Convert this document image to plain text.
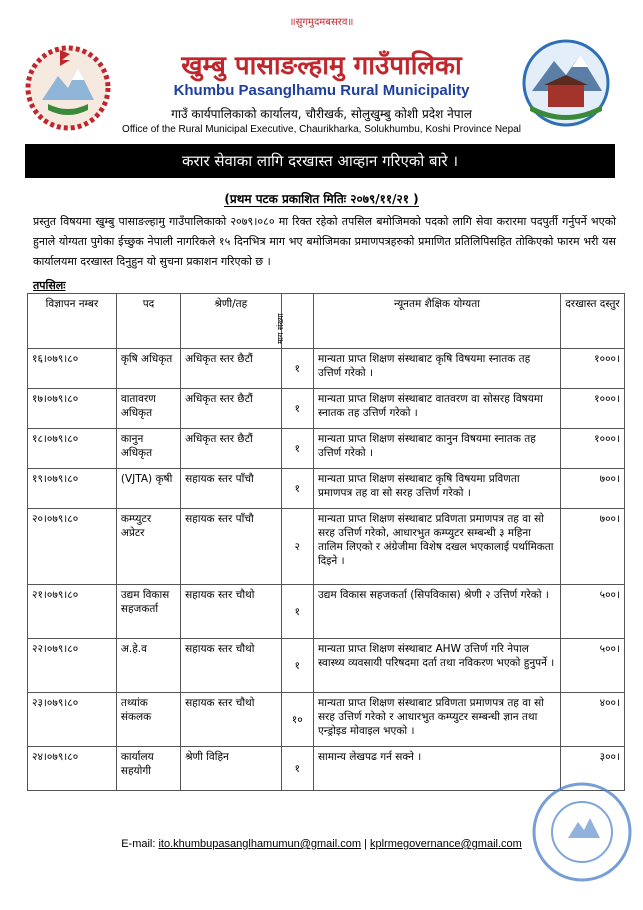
॥सुगमुदमबसरव॥
खुम्बु पासाङल्हामु गाउँपालिका
Khumbu Pasanglhamu Rural Municipality
गाउँ कार्यपालिकाको कार्यालय, चौरीखर्क, सोलुखुम्बु कोशी प्रदेश नेपाल
Office of the Rural Municipal Executive, Chaurikharka, Solukhumbu, Koshi Province Nepal
करार सेवाका लागि दरखास्त आव्हान गरिएको बारे ।
(प्रथम पटक प्रकाशित मितिः २०७९/११/२१ )
प्रस्तुत विषयमा खुम्बु पासाङल्हामु गाउँपालिकाको २०७९।०८० मा रिक्त रहेको तपसिल बमोजिमको पदको लागि सेवा करारमा पदपुर्ती गर्नुपर्ने भएको हुनाले योग्यता पुगेका ईच्छुक नेपाली नागरिकले १५ दिनभित्र माग भए बमोजिमका प्रमाणपत्रहरुको प्रमाणित प्रतिलिपिसहित तोकिएको फारम भरी यस कार्यालयमा दरखास्त दिनुहुन यो सुचना प्रकाशन गरिएको छ ।
तपसिलः
विज्ञापन नम्बर	पद	श्रेणी/तह	माग संख्या	न्यूनतम शैक्षिक योग्यता	दरखास्त दस्तुर
१६।०७९।८०	कृषि अधिकृत	अधिकृत स्तर छैटौं	१	मान्यता प्राप्त शिक्षण संस्थाबाट कृषि विषयमा स्नातक तह उत्तिर्ण गरेको ।	१०००।
१७।०७९।८०	वातावरण अधिकृत	अधिकृत स्तर छैटौं	१	मान्यता प्राप्त शिक्षण संस्थाबाट वातवरण वा सोसरह विषयमा स्नातक तह उत्तिर्ण गरेको ।	१०००।
१८।०७९।८०	कानुन अधिकृत	अधिकृत स्तर छैटौं	१	मान्यता प्राप्त शिक्षण संस्थाबाट कानुन विषयमा स्नातक तह उत्तिर्ण गरेको ।	१०००।
१९।०७९।८०	(VJTA) कृषी	सहायक स्तर पाँचौ	१	मान्यता प्राप्त शिक्षण संस्थाबाट कृषि विषयमा प्रविणता प्रमाणपत्र तह वा सो सरह उत्तिर्ण गरेको ।	७००।
२०।०७९।८०	कम्प्युटर अप्रेटर	सहायक स्तर पाँचौ	२	मान्यता प्राप्त शिक्षण संस्थाबाट प्रविणता प्रमाणपत्र तह वा सो सरह उत्तिर्ण गरेको, आधारभुत कम्प्युटर सम्बन्धी ३ महिना तालिम लिएको र अंग्रेजीमा विशेष दखल भएकालाई पर्थामिकता दिइने ।	७००।
२१।०७९।८०	उद्यम विकास सहजकर्ता	सहायक स्तर चौथो	१	उद्यम विकास सहजकर्ता (सिपविकास) श्रेणी २ उत्तिर्ण गरेको ।	५००।
२२।०७९।८०	अ.हे.व	सहायक स्तर चौथो	१	मान्यता प्राप्त शिक्षण संस्थाबाट AHW उत्तिर्ण गरि नेपाल स्वास्थ्य व्यवसायी परिषदमा दर्ता तथा नविकरण भएको हुनुपर्ने ।	५००।
२३।०७९।८०	तथ्यांक संकलक	सहायक स्तर चौथो	१०	मान्यता प्राप्त शिक्षण संस्थाबाट प्रविणता प्रमाणपत्र तह वा सो सरह उत्तिर्ण गरेको र आधारभुत कम्प्युटर सम्बन्धी ज्ञान तथा एन्ड्रोइड मोवाइल भएको ।	४००।
२४।०७९।८०	कार्यालय सहयोगी	श्रेणी विहिन	१	सामान्य लेखपढ गर्न सक्ने ।	३००।
E-mail: ito.khumbupasanglhamumun@gmail.com | kplrmegovernance@gmail.com
